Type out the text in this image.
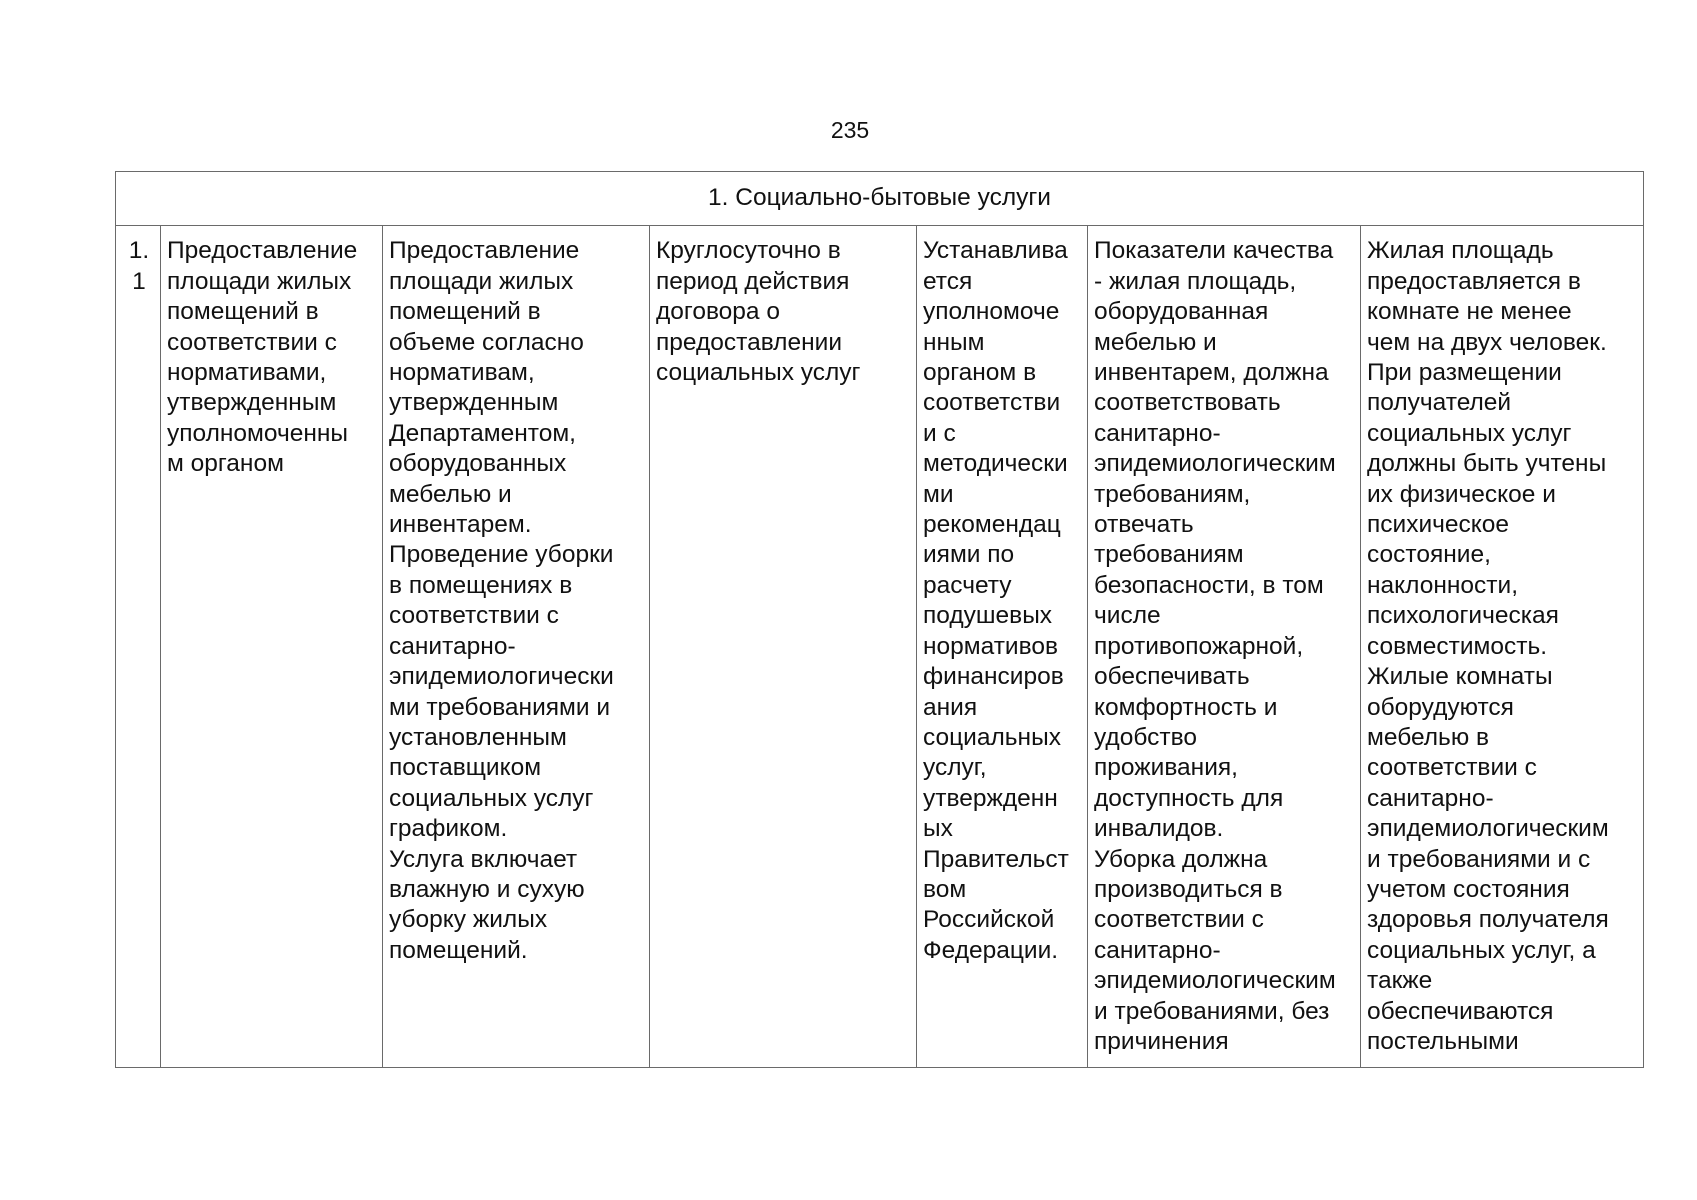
235
1. Социально-бытовые услуги

1.
1

Предоставление
площади жилых
помещений в
соответствии с
нормативами,
утвержденным
уполномоченны
м органом

Предоставление
площади жилых
помещений в
объеме согласно
нормативам,
утвержденным
Департаментом,
оборудованных
мебелью и
инвентарем.
Проведение уборки
в помещениях в
соответствии с
санитарно-
эпидемиологически
ми требованиями и
установленным
поставщиком
социальных услуг
графиком.
Услуга включает
влажную и сухую
уборку жилых
помещений.

Круглосуточно в
период действия
договора о
предоставлении
социальных услуг

Устанавлива
ется
уполномоче
нным
органом в
соответстви
и с
методически
ми
рекомендац
иями по
расчету
подушевых
нормативов
финансиров
ания
социальных
услуг,
утвержденн
ых
Правительст
вом
Российской
Федерации.

Показатели качества
- жилая площадь,
оборудованная
мебелью и
инвентарем, должна
соответствовать
санитарно-
эпидемиологическим
требованиям,
отвечать
требованиям
безопасности, в том
числе
противопожарной,
обеспечивать
комфортность и
удобство
проживания,
доступность для
инвалидов.
Уборка должна
производиться в
соответствии с
санитарно-
эпидемиологическим
и требованиями, без
причинения

Жилая площадь
предоставляется в
комнате не менее
чем на двух человек.
При размещении
получателей
социальных услуг
должны быть учтены
их физическое и
психическое
состояние,
наклонности,
психологическая
совместимость.
Жилые комнаты
оборудуются
мебелью в
соответствии с
санитарно-
эпидемиологическим
и требованиями и с
учетом состояния
здоровья получателя
социальных услуг, а
также
обеспечиваются
постельными
